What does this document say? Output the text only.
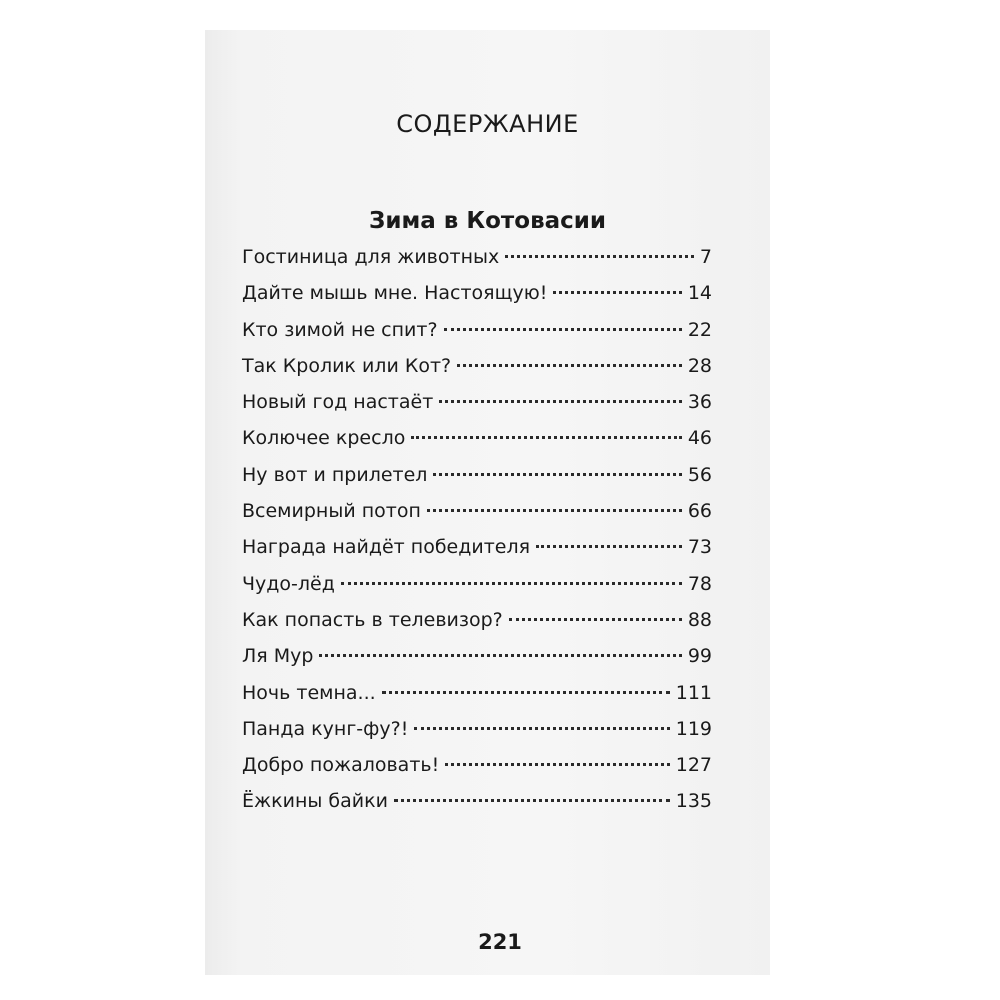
СОДЕРЖАНИЕ
Зима в Котовасии
Гостиница для животных	7
Дайте мышь мне. Настоящую!	14
Кто зимой не спит?	22
Так Кролик или Кот?	28
Новый год настаёт	36
Колючее кресло	46
Ну вот и прилетел	56
Всемирный потоп	66
Награда найдёт победителя	73
Чудо-лёд	78
Как попасть в телевизор?	88
Ля Мур	99
Ночь темна...	111
Панда кунг-фу?!	119
Добро пожаловать!	127
Ёжкины байки	135
221
